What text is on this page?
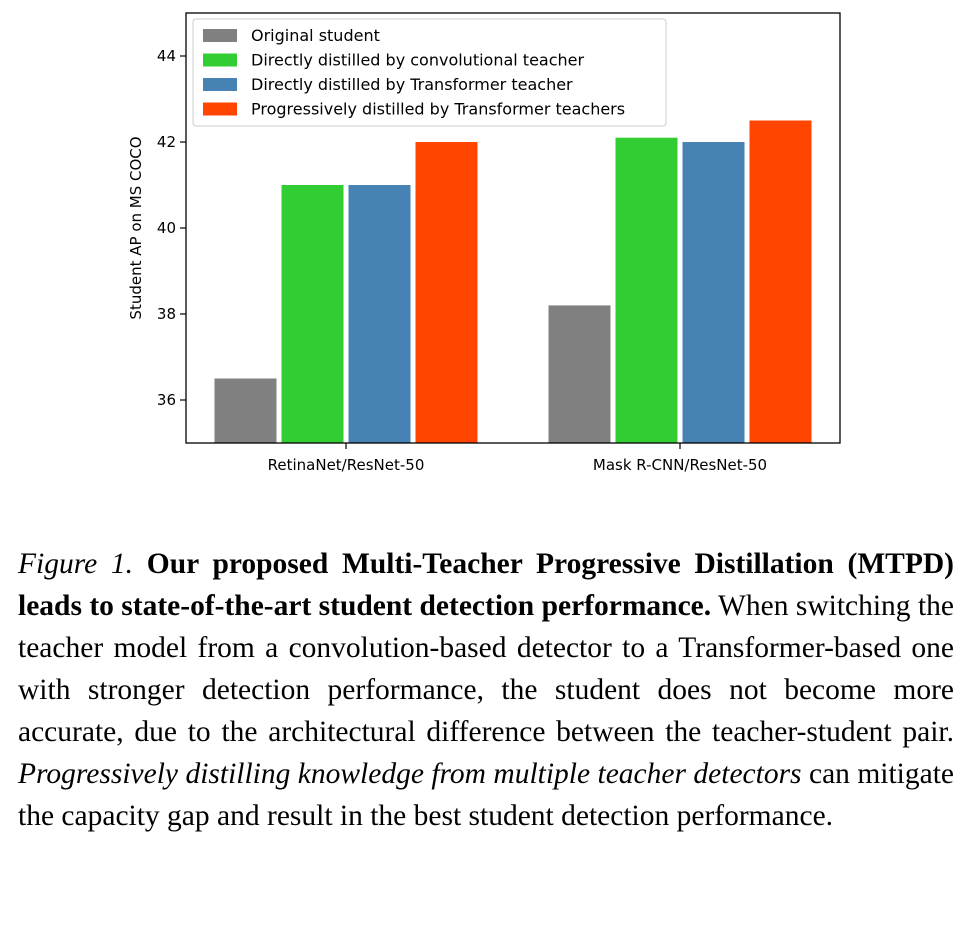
36
38
40
42
44
RetinaNet/ResNet-50	Mask R-CNN/ResNet-50
Student AP on MS COCO
Original student
Directly distilled by convolutional teacher
Directly distilled by Transformer teacher
Progressively distilled by Transformer teachers
Figure 1. Our proposed Multi-Teacher Progressive Distillation (MTPD) leads to state-of-the-art student detection performance. When switching the teacher model from a convolution-based detector to a Transformer-based one with stronger detection performance, the student does not become more accurate, due to the architectural difference between the teacher-student pair. Progressively distilling knowledge from multiple teacher detectors can mitigate the capacity gap and result in the best student detection performance.
